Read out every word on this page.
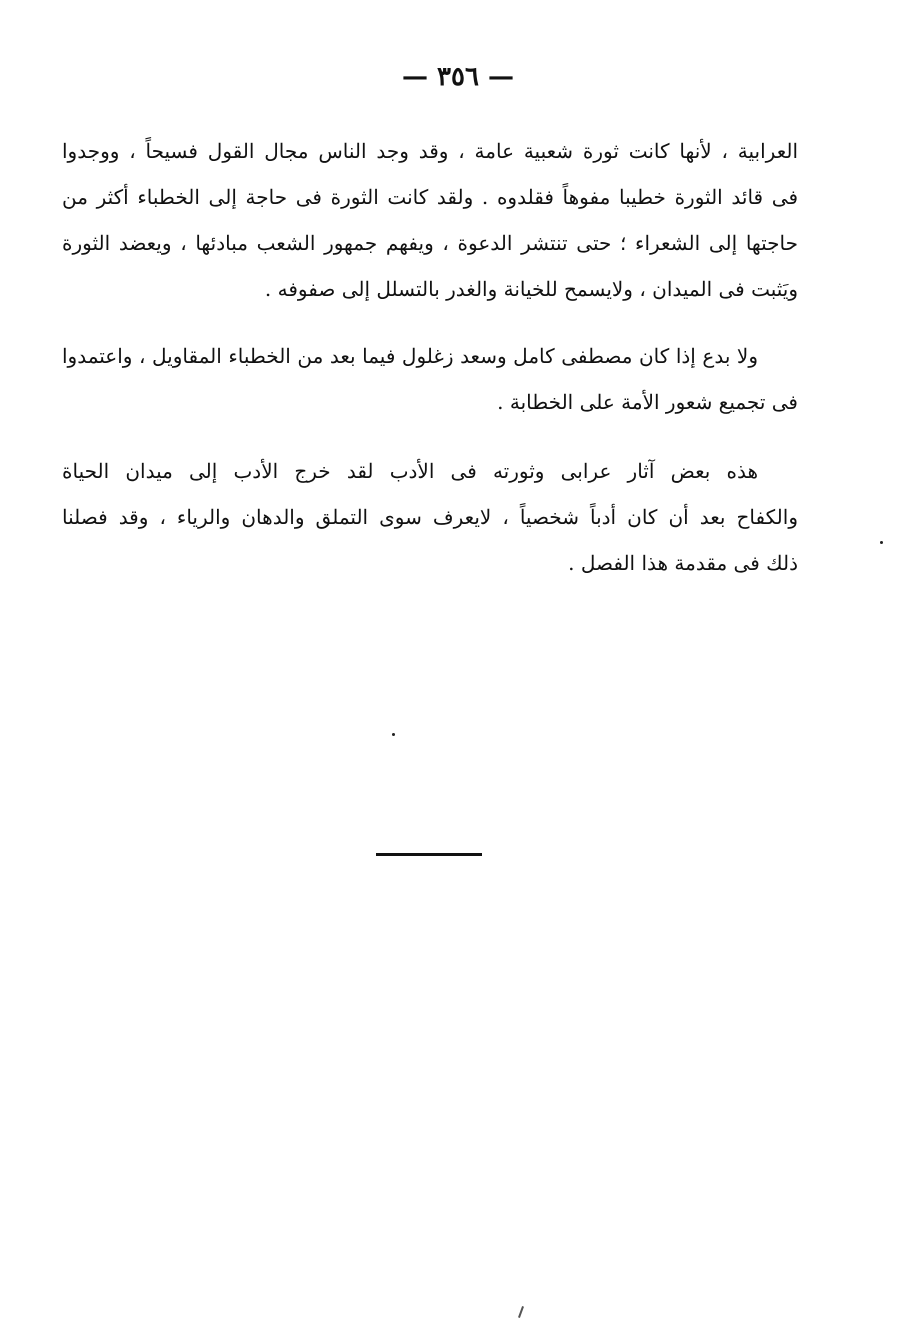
— ٣٥٦ —
العرابية ، لأنها كانت ثورة شعبية عامة ، وقد وجد الناس مجال القول فسيحاً ، ووجدوا
فى قائد الثورة خطيبا مفوهاً فقلدوه . ولقد كانت الثورة فى حاجة إلى الخطباء أكثر من
حاجتها إلى الشعراء ؛ حتى تنتشر الدعوة ، ويفهم جمهور الشعب مبادئها ، ويعضد الثورة
ويَثبت فى الميدان ، ولايسمح للخيانة والغدر بالتسلل إلى صفوفه .
ولا بدع إذا كان مصطفى كامل وسعد زغلول فيما بعد من الخطباء المقاويل ، واعتمدوا
فى تجميع شعور الأمة على الخطابة .
هذه بعض آثار عرابى وثورته فى الأدب لقد خرج الأدب إلى ميدان الحياة
والكفاح بعد أن كان أدباً شخصياً ، لايعرف سوى التملق والدهان والرياء ، وقد فصلنا
ذلك فى مقدمة هذا الفصل .
